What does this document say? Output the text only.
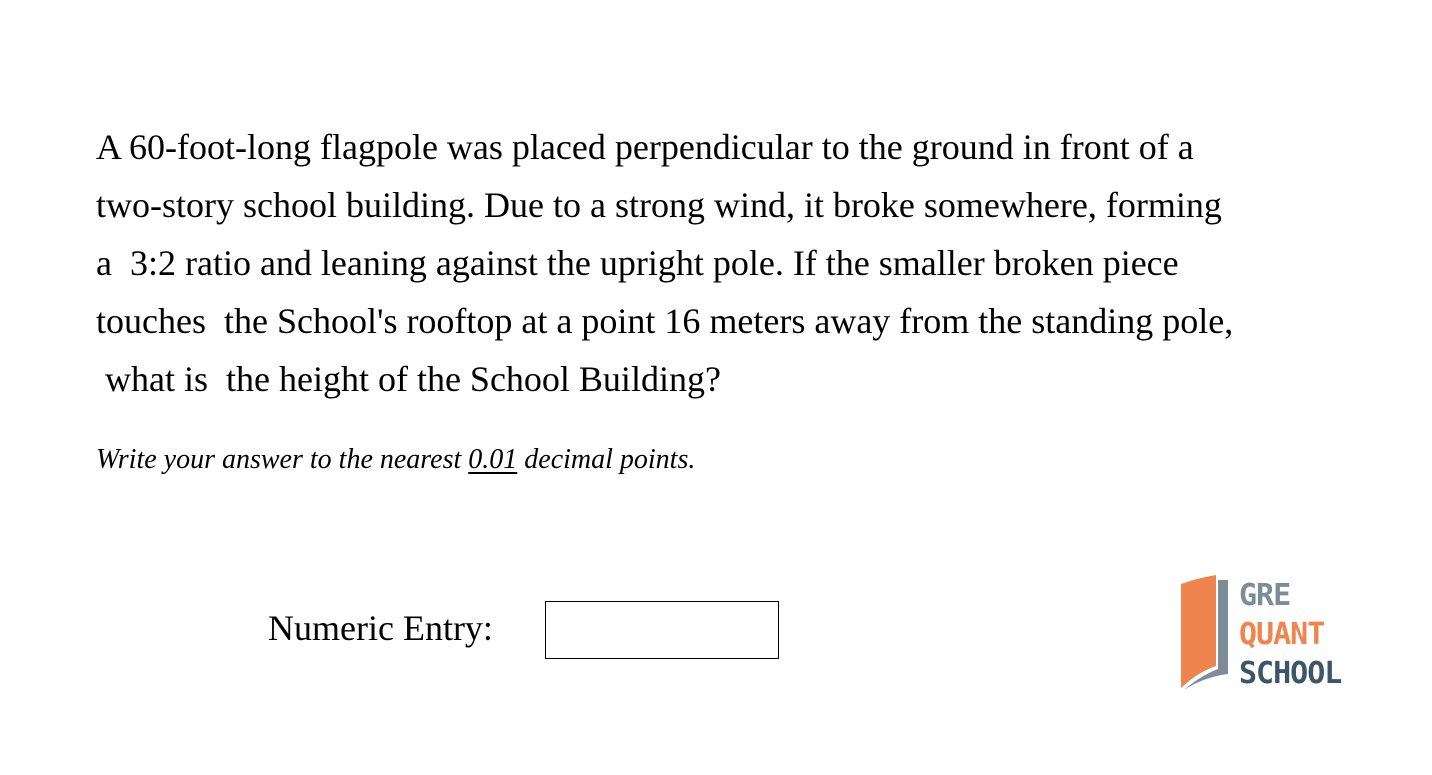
A 60-foot-long flagpole was placed perpendicular to the ground in front of a
two-story school building. Due to a strong wind, it broke somewhere, forming
a  3:2 ratio and leaning against the upright pole. If the smaller broken piece
touches  the School's rooftop at a point 16 meters away from the standing pole,
what is  the height of the School Building?

Write your answer to the nearest 0.01 decimal points.

Numeric Entry:
GRE
QUANT
SCHOOL
